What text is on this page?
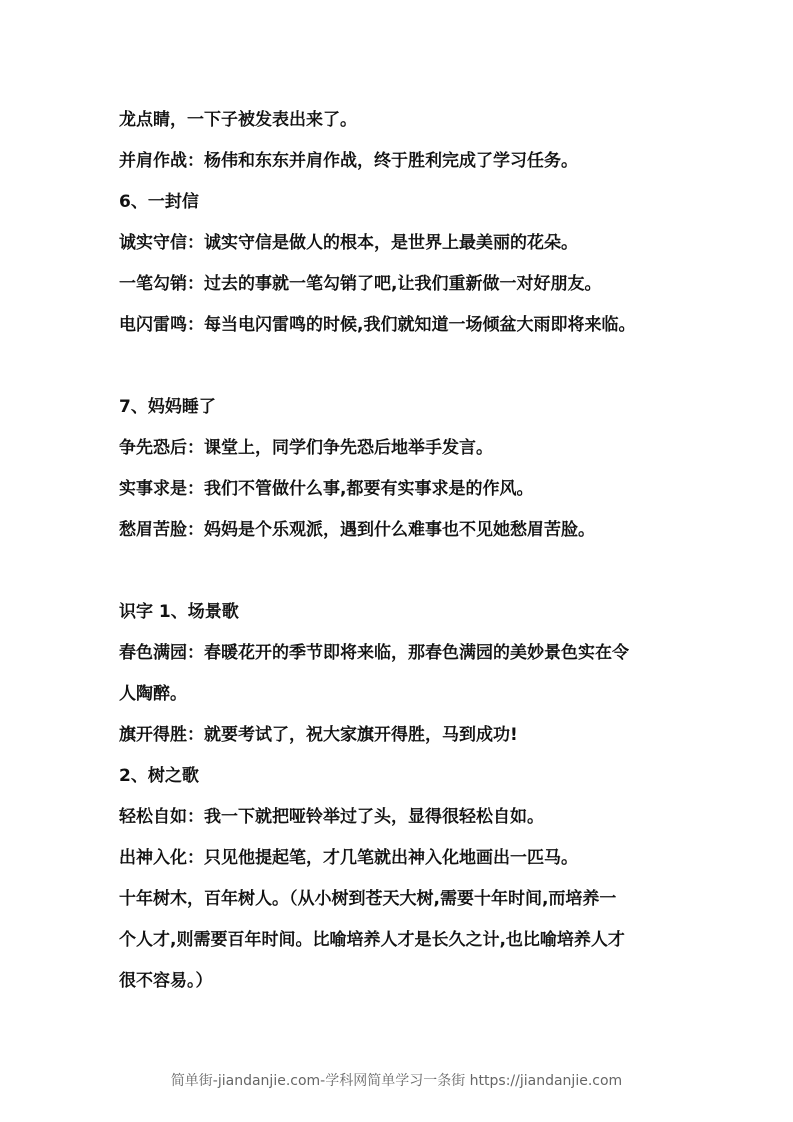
龙点睛，一下子被发表出来了。
并肩作战：杨伟和东东并肩作战，终于胜利完成了学习任务。
6、一封信
诚实守信：诚实守信是做人的根本，是世界上最美丽的花朵。
一笔勾销：过去的事就一笔勾销了吧,让我们重新做一对好朋友。
电闪雷鸣：每当电闪雷鸣的时候,我们就知道一场倾盆大雨即将来临。
7、妈妈睡了
争先恐后：课堂上，同学们争先恐后地举手发言。
实事求是：我们不管做什么事,都要有实事求是的作风。
愁眉苦脸：妈妈是个乐观派，遇到什么难事也不见她愁眉苦脸。
识字 1、场景歌
春色满园：春暖花开的季节即将来临，那春色满园的美妙景色实在令
人陶醉。
旗开得胜：就要考试了，祝大家旗开得胜，马到成功!
2、树之歌
轻松自如：我一下就把哑铃举过了头，显得很轻松自如。
出神入化：只见他提起笔，才几笔就出神入化地画出一匹马。
十年树木，百年树人。（从小树到苍天大树,需要十年时间,而培养一
个人才,则需要百年时间。比喻培养人才是长久之计,也比喻培养人才
很不容易。）
简单街-jiandanjie.com-学科网简单学习一条街 https://jiandanjie.com
